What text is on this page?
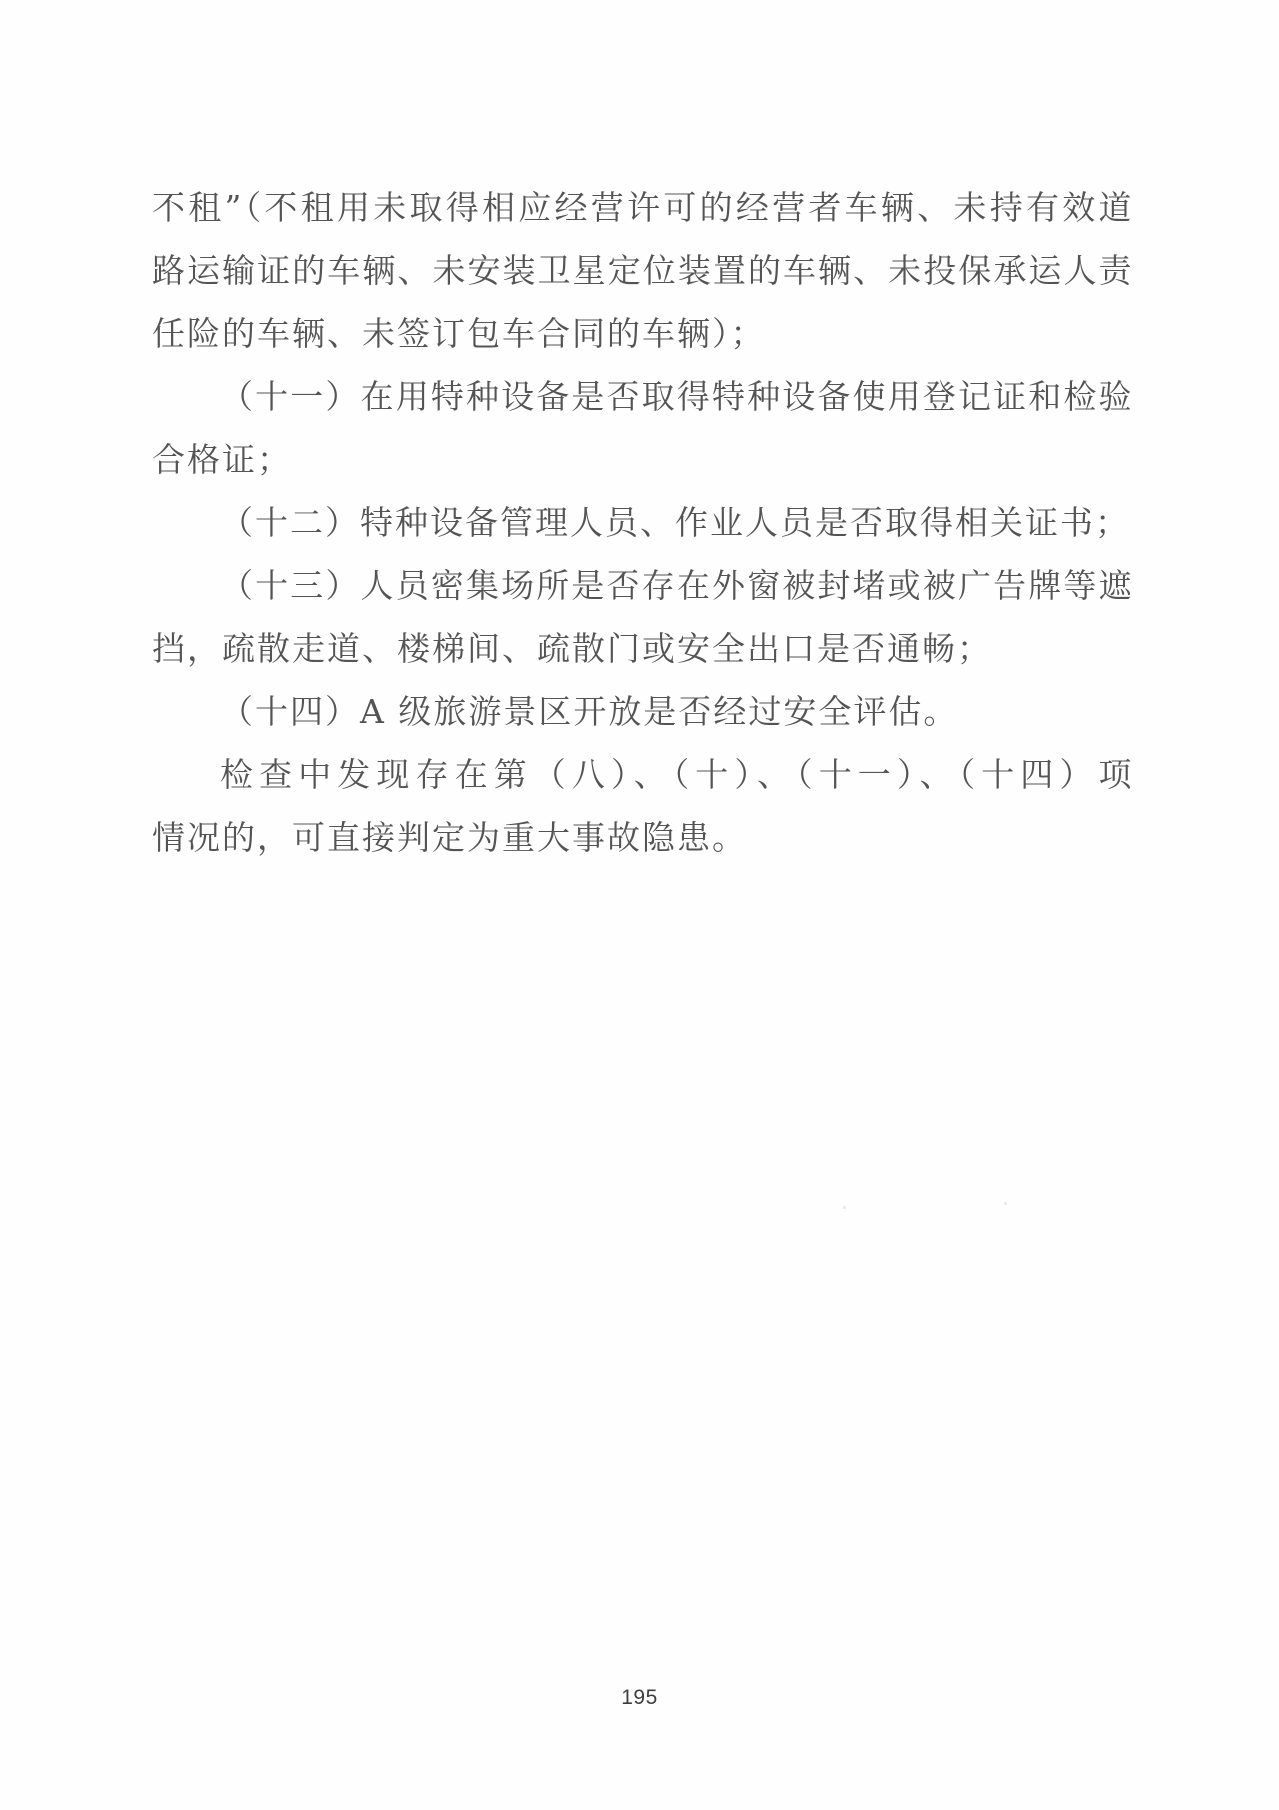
不租”（不租用未取得相应经营许可的经营者车辆、未持有效道
路运输证的车辆、未安装卫星定位装置的车辆、未投保承运人责
任险的车辆、未签订包车合同的车辆）；
（十一）在用特种设备是否取得特种设备使用登记证和检验
合格证；
（十二）特种设备管理人员、作业人员是否取得相关证书；
（十三）人员密集场所是否存在外窗被封堵或被广告牌等遮
挡，疏散走道、楼梯间、疏散门或安全出口是否通畅；
（十四）A 级旅游景区开放是否经过安全评估。
检查中发现存在第（八）、（十）、（十一）、（十四）项
情况的，可直接判定为重大事故隐患。
195
